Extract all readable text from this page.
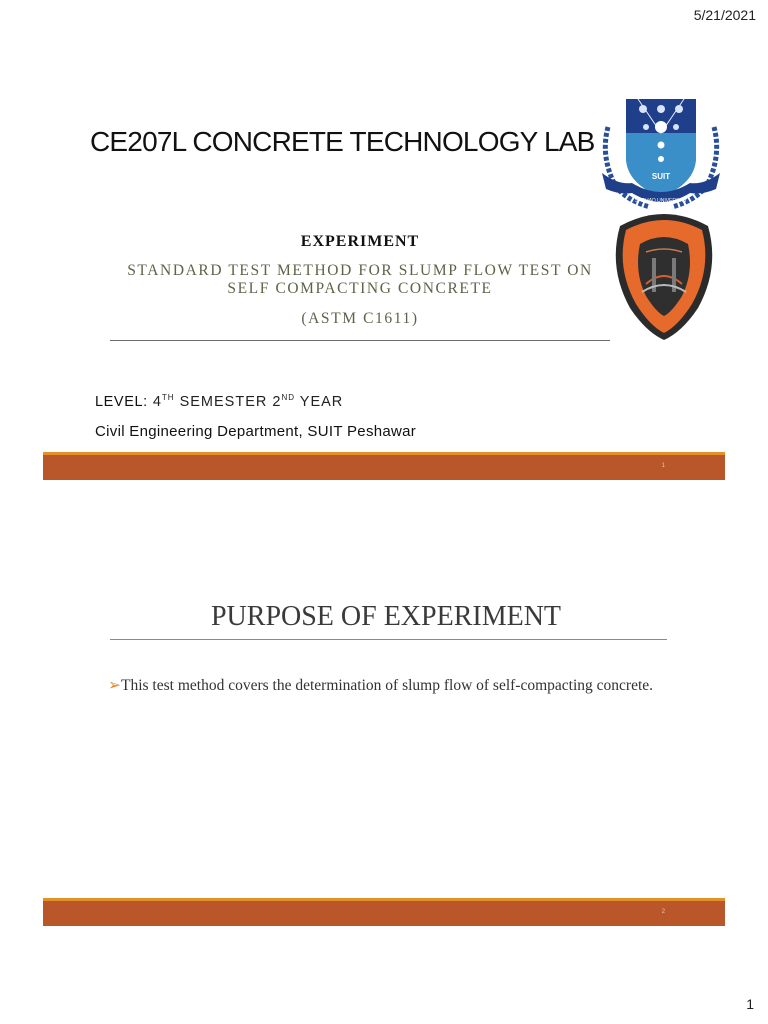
5/21/2021
CE207L CONCRETE TECHNOLOGY LAB
SUIT
SARHAD UNIVERSITY
EXPERIMENT
STANDARD TEST METHOD FOR SLUMP FLOW TEST ON
SELF COMPACTING CONCRETE
(ASTM C1611)
LEVEL: 4TH SEMESTER 2ND YEAR
Civil Engineering Department, SUIT Peshawar
1
PURPOSE OF EXPERIMENT
➢This test method covers the determination of slump flow of self-compacting concrete.
2
1
